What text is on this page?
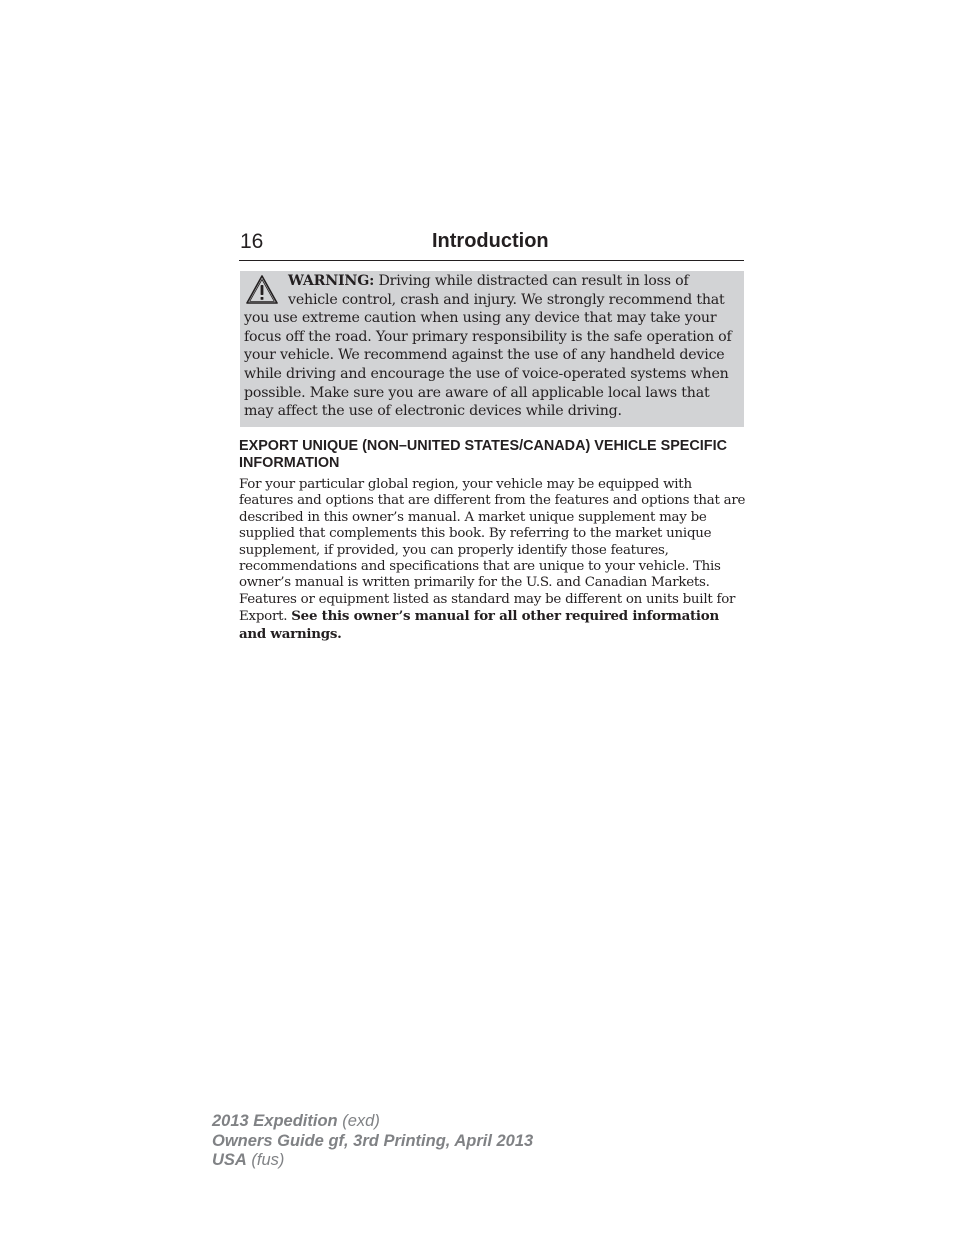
16	Introduction
WARNING: Driving while distracted can result in loss of vehicle control, crash and injury. We strongly recommend that you use extreme caution when using any device that may take your focus off the road. Your primary responsibility is the safe operation of your vehicle. We recommend against the use of any handheld device while driving and encourage the use of voice-operated systems when possible. Make sure you are aware of all applicable local laws that may affect the use of electronic devices while driving.
EXPORT UNIQUE (NON–UNITED STATES/CANADA) VEHICLE SPECIFIC INFORMATION
For your particular global region, your vehicle may be equipped with features and options that are different from the features and options that are described in this owner’s manual. A market unique supplement may be supplied that complements this book. By referring to the market unique supplement, if provided, you can properly identify those features, recommendations and specifications that are unique to your vehicle. This owner’s manual is written primarily for the U.S. and Canadian Markets. Features or equipment listed as standard may be different on units built for Export. See this owner’s manual for all other required information and warnings.
2013 Expedition (exd)
Owners Guide gf, 3rd Printing, April 2013
USA (fus)
